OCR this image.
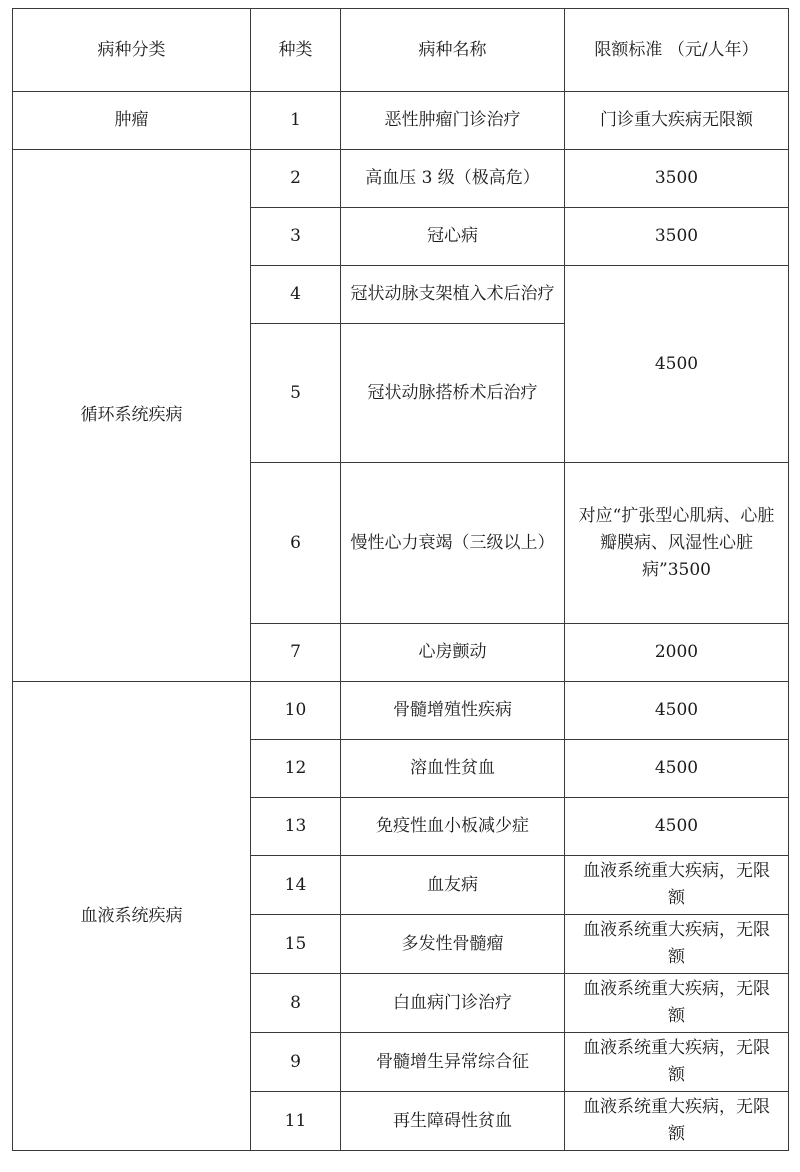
病种分类	种类	病种名称	限额标准 （元/人年）
肿瘤	1	恶性肿瘤门诊治疗	门诊重大疾病无限额
循环系统疾病	2	高血压 3 级（极高危）	3500
	3	冠心病	3500
	4	冠状动脉支架植入术后治疗	4500
	5	冠状动脉搭桥术后治疗	
	6	慢性心力衰竭（三级以上）	对应“扩张型心肌病、心脏瓣膜病、风湿性心脏病”3500
	7	心房颤动	2000
血液系统疾病	10	骨髓增殖性疾病	4500
	12	溶血性贫血	4500
	13	免疫性血小板减少症	4500
	14	血友病	血液系统重大疾病，无限额
	15	多发性骨髓瘤	血液系统重大疾病，无限额
	8	白血病门诊治疗	血液系统重大疾病，无限额
	9	骨髓增生异常综合征	血液系统重大疾病，无限额
	11	再生障碍性贫血	血液系统重大疾病，无限额
